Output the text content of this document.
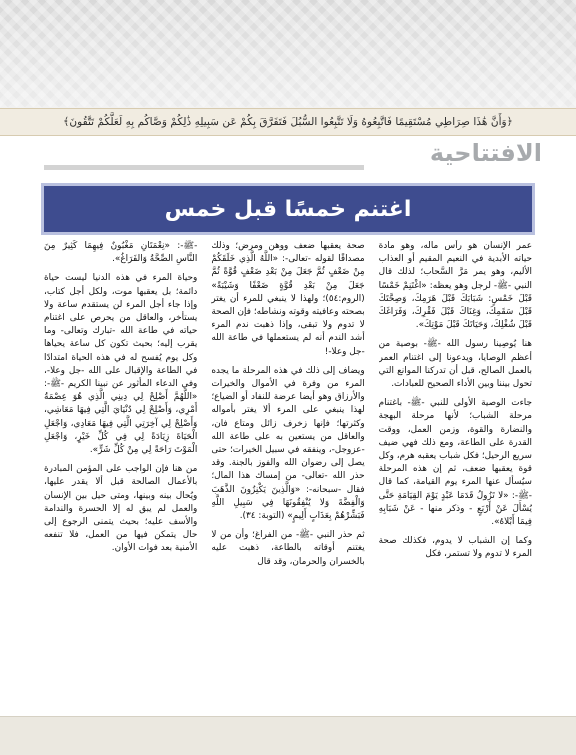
﴿وَأَنَّ هَٰذَا صِرَاطِي مُسْتَقِيمًا فَاتَّبِعُوهُ وَلَا تَتَّبِعُوا السُّبُلَ فَتَفَرَّقَ بِكُمْ عَن سَبِيلِهِ ذَٰلِكُمْ وَصَّاكُم بِهِ لَعَلَّكُمْ تَتَّقُونَ﴾
الافتتاحية
اغتنم خمسًا قبل خمس

عمر الإنسان هو رأس ماله، وهو مادة حياته الأبدية في النعيم المقيم أو العذاب الأليم، وهو يمر مَرَّ السَّحاب؛ لذلك قال النبي -ﷺ- لرجل وهو يعظه: «اغْتَنِمْ خَمْسًا قَبْلَ خَمْسٍ: شَبَابَكَ قَبْلَ هَرَمِكَ، وَصِحَّتَكَ قَبْلَ سَقَمِكَ، وَغِنَاكَ قَبْلَ فَقْرِكَ، وَفَرَاغَكَ قَبْلَ شُغْلِكَ، وَحَيَاتَكَ قَبْلَ مَوْتِكَ».

هنا يُوصِينا رسول الله -ﷺ- بوصية من أعظم الوصايا، ويدعونا إلى اغتنام العمر بالعمل الصالح، قبل أن تدركنا الموانع التي تحول بيننا وبين الأداء الصحيح للعبادات.

جاءت الوصية الأولى للنبي -ﷺ- باغتنام مرحلة الشباب؛ لأنها مرحلة البهجة والنضارة والقوة، وزمن العمل، ووقت القدرة على الطاعة، ومع ذلك فهي ضيف سريع الرحيل؛ فكل شباب يعقبه هرم، وكل قوة يعقبها ضعف، ثم إن هذه المرحلة سيُسأل عنها المرء يوم القيامة، كما قال -ﷺ-: «لا تَزُولُ قَدَمَا عَبْدٍ يَوْمَ القِيَامَةِ حَتَّى يُسْأَلَ عَنْ أَرْبَعٍ - وذكر منها - عَنْ شَبَابِهِ فِيمَا أَبْلاهُ».

وكما إن الشباب لا يدوم، فكذلك صحة المرء لا تدوم ولا تستمر، فكل

صحة يعقبها ضعف ووهن ومرض؛ وذلك مصداقًا لقوله -تعالى-: «اللَّهُ الَّذِي خَلَقَكُمْ مِنْ ضَعْفٍ ثُمَّ جَعَلَ مِنْ بَعْدِ ضَعْفٍ قُوَّةً ثُمَّ جَعَلَ مِنْ بَعْدِ قُوَّةٍ ضَعْفًا وَشَيْبَةً» (الروم:٥٤)؛ ولهذا لا ينبغي للمرء أن يغتر بصحته وعافيته وقوته ونشاطه؛ فإن الصحة لا تدوم ولا تبقى، وإذا ذهبت ندم المرء أشد الندم أنه لم يستعملها في طاعة الله -جل وعلا-!

ويضاف إلى ذلك في هذه المرحلة ما يجده المرء من وفرة في الأموال والخيرات والأرزاق وهو أيضا عرضة للنفاد أو الضياع؛ لهذا ينبغي على المرء ألا يغتر بأمواله وكثرتها؛ فإنها زخرف زائل ومتاع فان، والعاقل من يستعين به على طاعة الله -عزوجل-، وينفقه في سبيل الخيرات؛ حتى يصل إلى رضوان الله والفوز بالجنة. وقد حذر الله -تعالى- من إمساك هذا المال؛ فقال -سبحانه-: «وَالَّذِينَ يَكْنِزُونَ الذَّهَبَ وَالْفِضَّةَ وَلا يُنْفِقُونَهَا فِي سَبِيلِ اللَّهِ فَبَشِّرْهُمْ بِعَذَابٍ أَلِيمٍ» (التوبة: ٣٤).

ثم حذر النبي -ﷺ- من الفراغ؛ وأن من لا يغتنم أوقاته بالطاعة، ذهبت عليه بالخسران والحرمان، وقد قال

-ﷺ-: «نِعْمَتَانِ مَغْبُونٌ فِيهِمَا كَثِيرٌ مِنَ النَّاسِ الصِّحَّةُ وَالفَرَاغُ».

وحياة المرء في هذه الدنيا ليست حياة دائمة؛ بل يعقبها موت، ولكل أجل كتاب، وإذا جاء أجل المرء لن يستقدم ساعة ولا يستأخر، والعاقل من يحرص على اغتنام حياته في طاعة الله -تبارك وتعالى- وما يقرب إليه؛ بحيث تكون كل ساعة يحياها وكل يوم يُفسح له في هذه الحياة امتدادًا في الطاعة والإقبال على الله -جل وعلا-، وفي الدعاء المأثور عن نبينا الكريم -ﷺ-: «اللَّهُمَّ أَصْلِحْ لِي دِينِي الَّذِي هُوَ عِصْمَةُ أَمْرِي، وَأَصْلِحْ لِي دُنْيَايَ الَّتِي فِيهَا مَعَاشِي، وَأَصْلِحْ لِي آخِرَتِي الَّتِي فِيهَا مَعَادِي، وَاجْعَلِ الْحَيَاةَ زِيَادَةً لِي فِي كُلِّ خَيْرٍ، وَاجْعَلِ الْمَوْتَ رَاحَةً لِي مِنْ كُلِّ شَرٍّ».

من هنا فإن الواجب على المؤمن المبادرة بالأعمال الصالحة قبل ألا يقدر عليها، ويُحال بينه وبينها، ومتى حيل بين الإنسان والعمل لم يبق له إلا الحسرة والندامة والأسف عليه؛ بحيث يتمنى الرجوع إلى حال يتمكن فيها من العمل، فلا تنفعه الأمنية بعد فوات الأوان.
